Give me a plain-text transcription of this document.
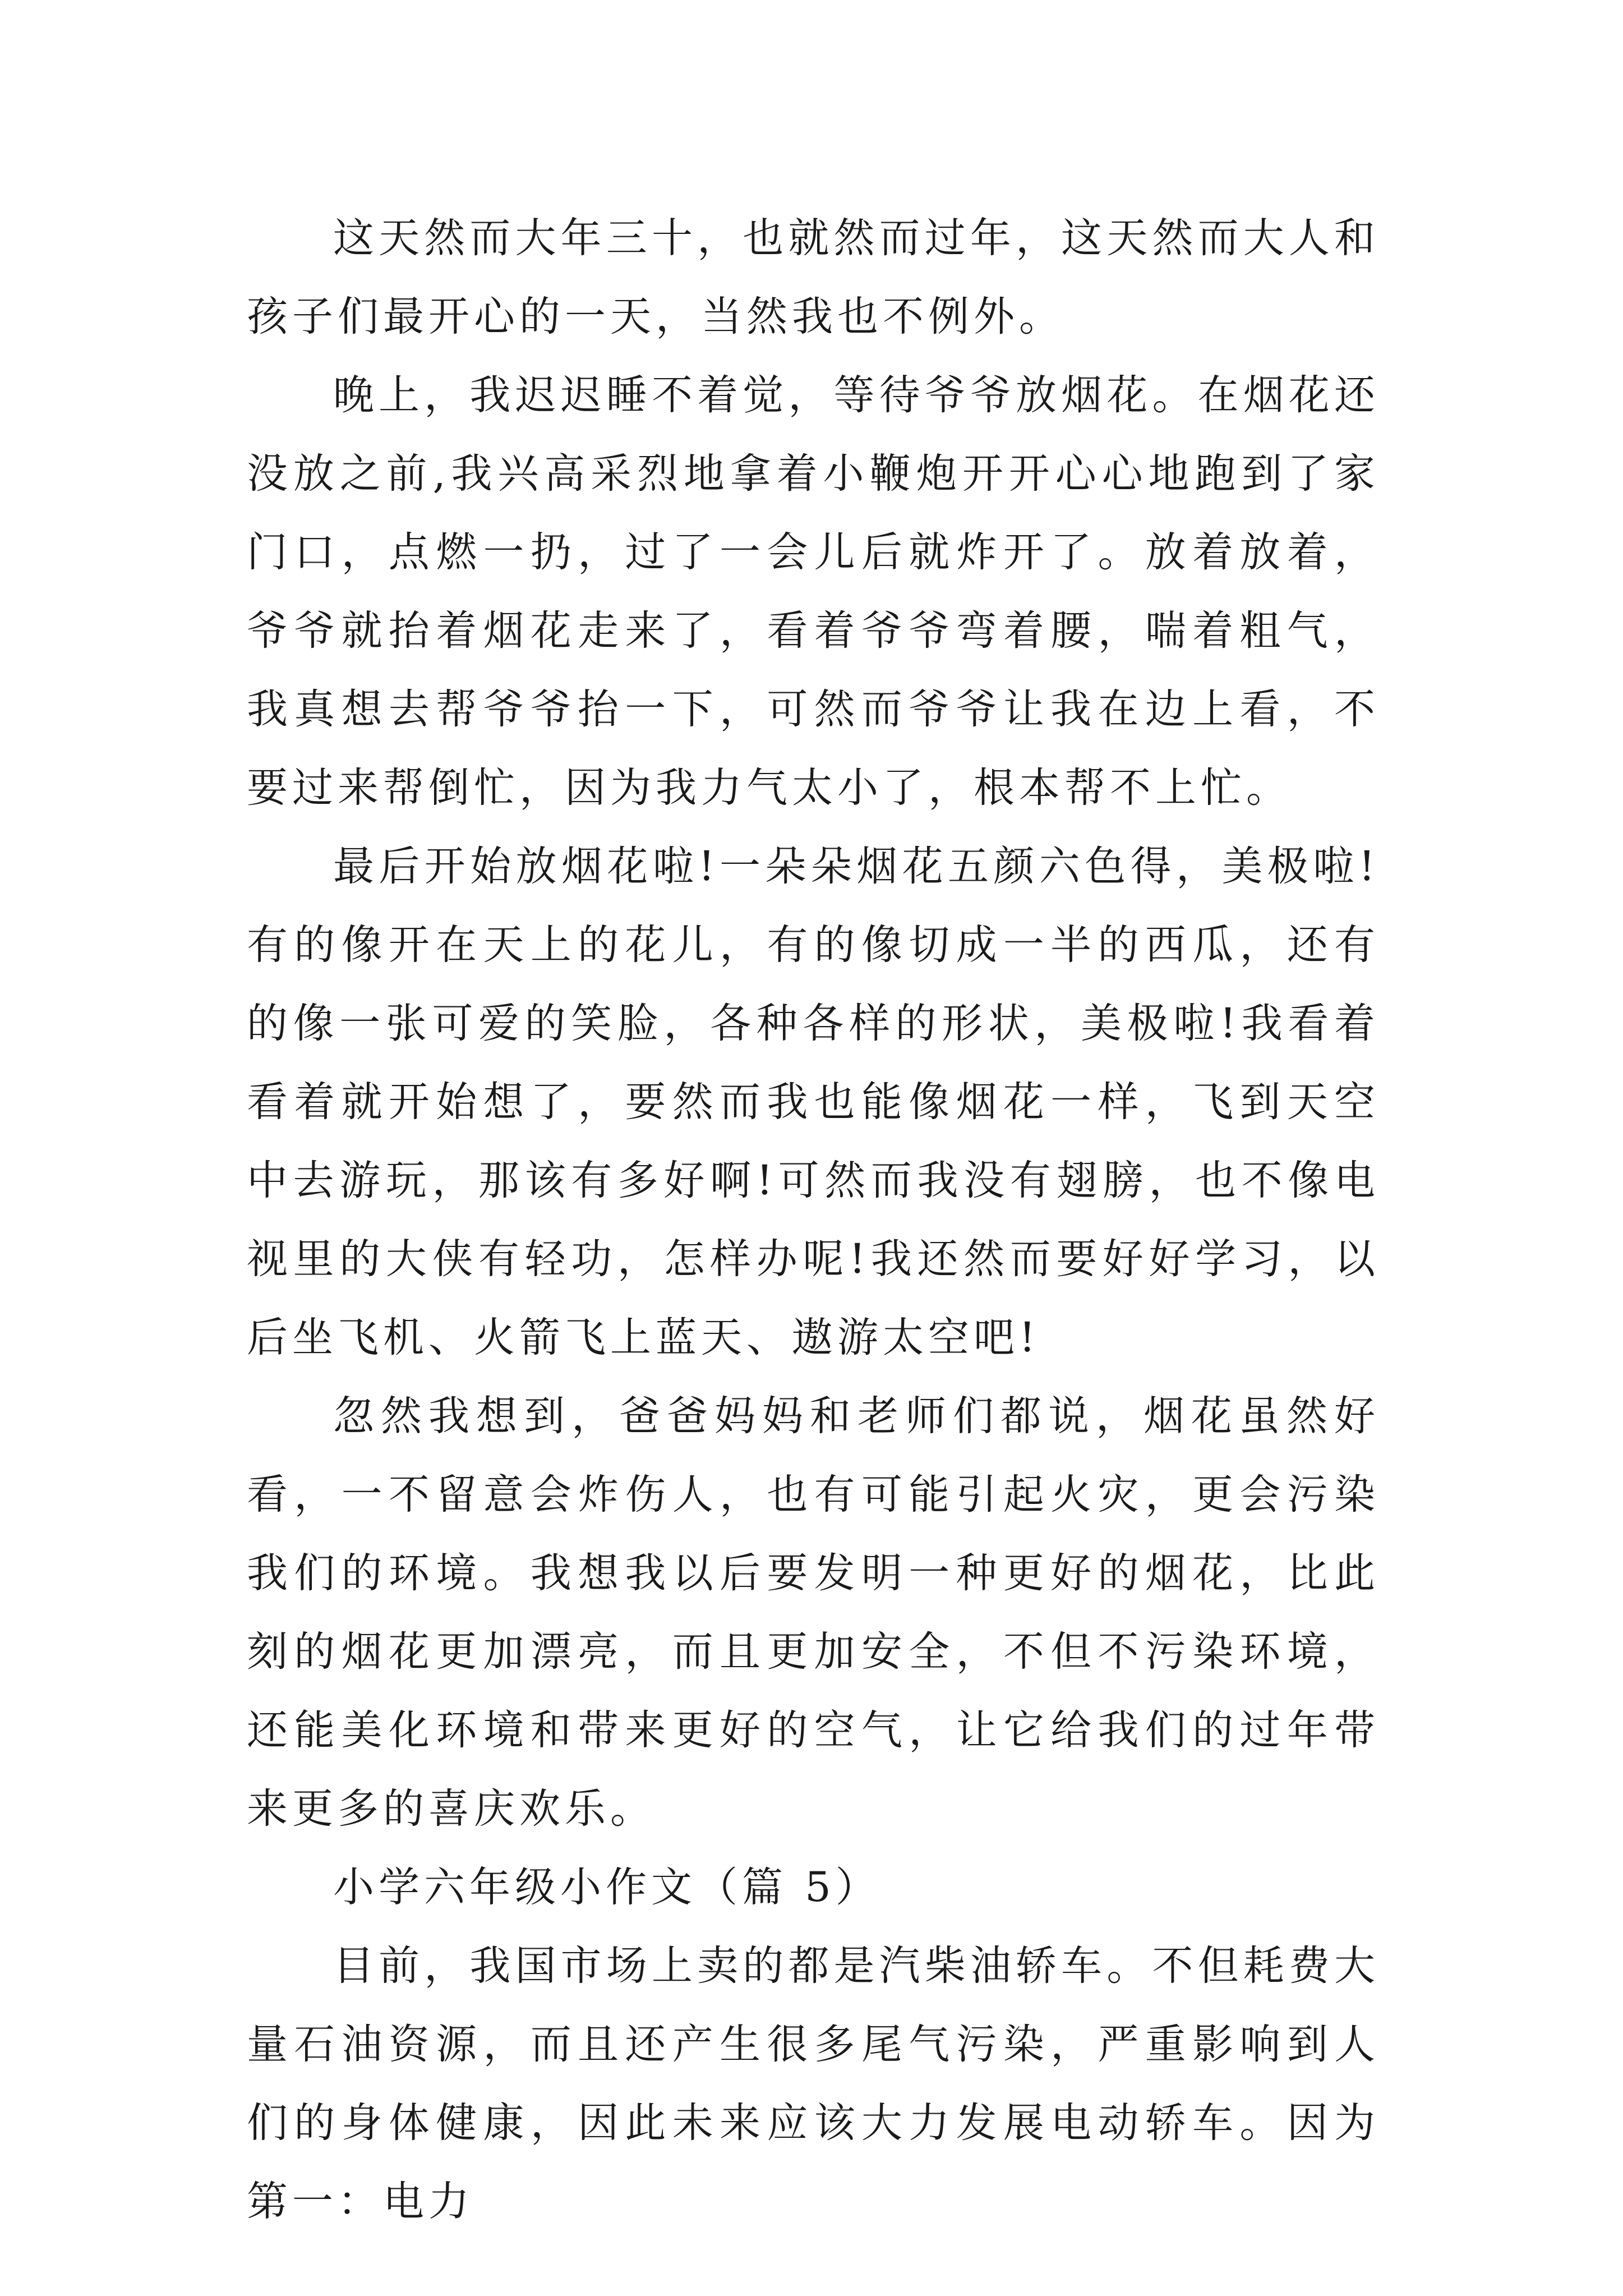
这天然而大年三十，也就然而过年，这天然而大人和孩子们最开心的一天，当然我也不例外。

晚上，我迟迟睡不着觉，等待爷爷放烟花。在烟花还没放之前,我兴高采烈地拿着小鞭炮开开心心地跑到了家门口，点燃一扔，过了一会儿后就炸开了。放着放着，爷爷就抬着烟花走来了，看着爷爷弯着腰，喘着粗气，我真想去帮爷爷抬一下，可然而爷爷让我在边上看，不要过来帮倒忙，因为我力气太小了，根本帮不上忙。

最后开始放烟花啦!一朵朵烟花五颜六色得，美极啦!有的像开在天上的花儿，有的像切成一半的西瓜，还有的像一张可爱的笑脸，各种各样的形状，美极啦!我看着看着就开始想了，要然而我也能像烟花一样，飞到天空中去游玩，那该有多好啊!可然而我没有翅膀，也不像电视里的大侠有轻功，怎样办呢!我还然而要好好学习，以后坐飞机、火箭飞上蓝天、遨游太空吧!

忽然我想到，爸爸妈妈和老师们都说，烟花虽然好看，一不留意会炸伤人，也有可能引起火灾，更会污染我们的环境。我想我以后要发明一种更好的烟花，比此刻的烟花更加漂亮，而且更加安全，不但不污染环境，还能美化环境和带来更好的空气，让它给我们的过年带来更多的喜庆欢乐。

小学六年级小作文（篇 5）

目前，我国市场上卖的都是汽柴油轿车。不但耗费大量石油资源，而且还产生很多尾气污染，严重影响到人们的身体健康，因此未来应该大力发展电动轿车。因为第一：电力
